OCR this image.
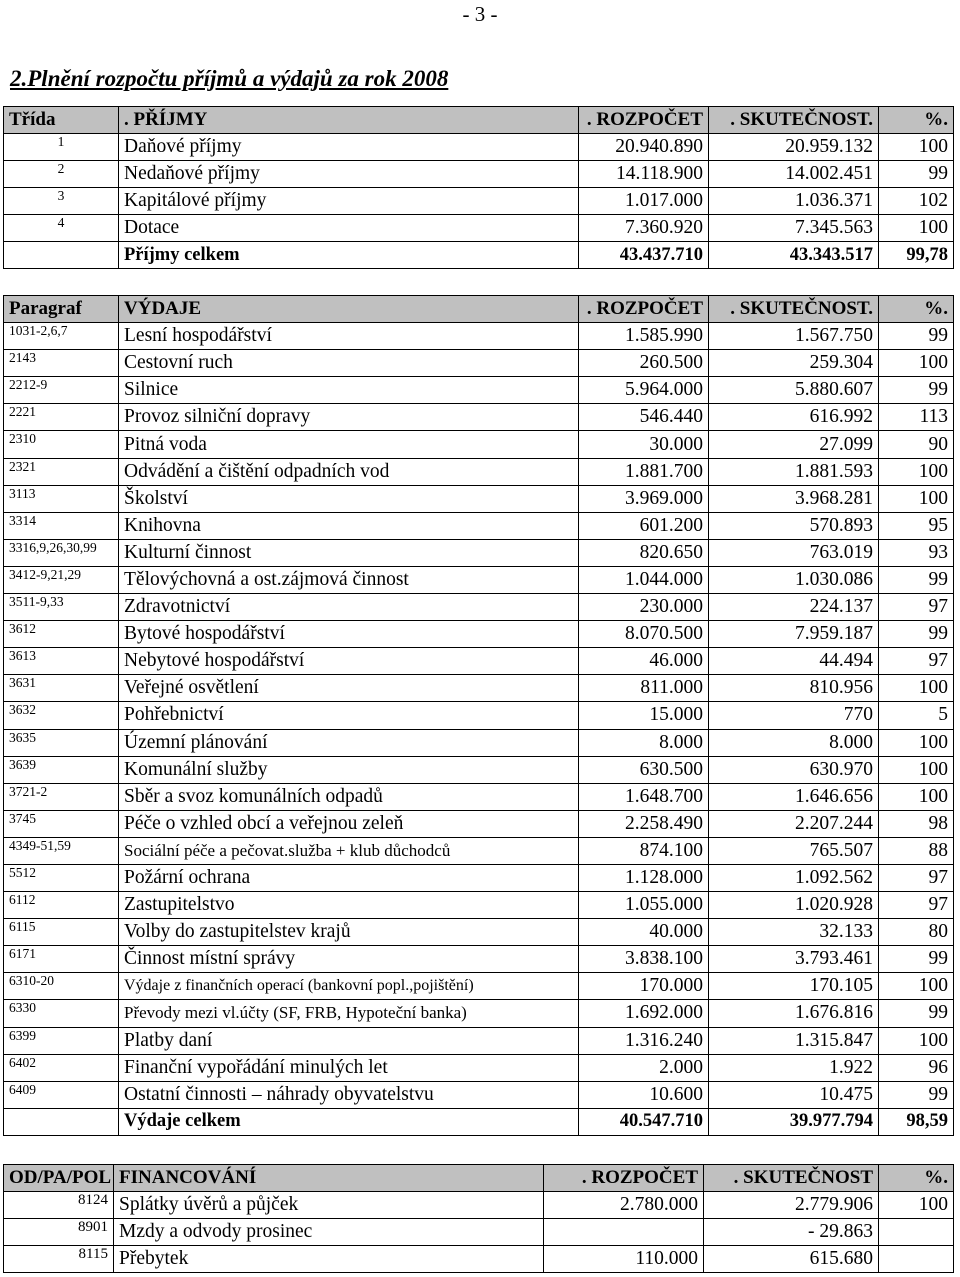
- 3 -
2.Plnění rozpočtu příjmů a výdajů za rok 2008
Třída	. PŘÍJMY	. ROZPOČET	. SKUTEČNOST.	%.
1	Daňové příjmy	20.940.890	20.959.132	100
2	Nedaňové příjmy	14.118.900	14.002.451	99
3	Kapitálové příjmy	1.017.000	1.036.371	102
4	Dotace	7.360.920	7.345.563	100
	Příjmy celkem	43.437.710	43.343.517	99,78
Paragraf	VÝDAJE	. ROZPOČET	. SKUTEČNOST.	%.
1031-2,6,7	Lesní hospodářství	1.585.990	1.567.750	99
2143	Cestovní ruch	260.500	259.304	100
2212-9	Silnice	5.964.000	5.880.607	99
2221	Provoz silniční dopravy	546.440	616.992	113
2310	Pitná voda	30.000	27.099	90
2321	Odvádění a čištění odpadních vod	1.881.700	1.881.593	100
3113	Školství	3.969.000	3.968.281	100
3314	Knihovna	601.200	570.893	95
3316,9,26,30,99	Kulturní činnost	820.650	763.019	93
3412-9,21,29	Tělovýchovná a ost.zájmová činnost	1.044.000	1.030.086	99
3511-9,33	Zdravotnictví	230.000	224.137	97
3612	Bytové hospodářství	8.070.500	7.959.187	99
3613	Nebytové hospodářství	46.000	44.494	97
3631	Veřejné osvětlení	811.000	810.956	100
3632	Pohřebnictví	15.000	770	5
3635	Územní plánování	8.000	8.000	100
3639	Komunální služby	630.500	630.970	100
3721-2	Sběr a svoz komunálních odpadů	1.648.700	1.646.656	100
3745	Péče o vzhled obcí a veřejnou zeleň	2.258.490	2.207.244	98
4349-51,59	Sociální péče a pečovat.služba + klub důchodců	874.100	765.507	88
5512	Požární ochrana	1.128.000	1.092.562	97
6112	Zastupitelstvo	1.055.000	1.020.928	97
6115	Volby do zastupitelstev krajů	40.000	32.133	80
6171	Činnost místní správy	3.838.100	3.793.461	99
6310-20	Výdaje z finančních operací (bankovní popl.,pojištění)	170.000	170.105	100
6330	Převody mezi vl.účty (SF, FRB, Hypoteční banka)	1.692.000	1.676.816	99
6399	Platby daní	1.316.240	1.315.847	100
6402	Finanční vypořádání minulých let	2.000	1.922	96
6409	Ostatní činnosti – náhrady obyvatelstvu	10.600	10.475	99
	Výdaje celkem	40.547.710	39.977.794	98,59
OD/PA/POL	FINANCOVÁNÍ	. ROZPOČET	. SKUTEČNOST	%.
8124	Splátky úvěrů a půjček	2.780.000	2.779.906	100
8901	Mzdy a odvody prosinec		- 29.863	
8115	Přebytek	110.000	615.680	
